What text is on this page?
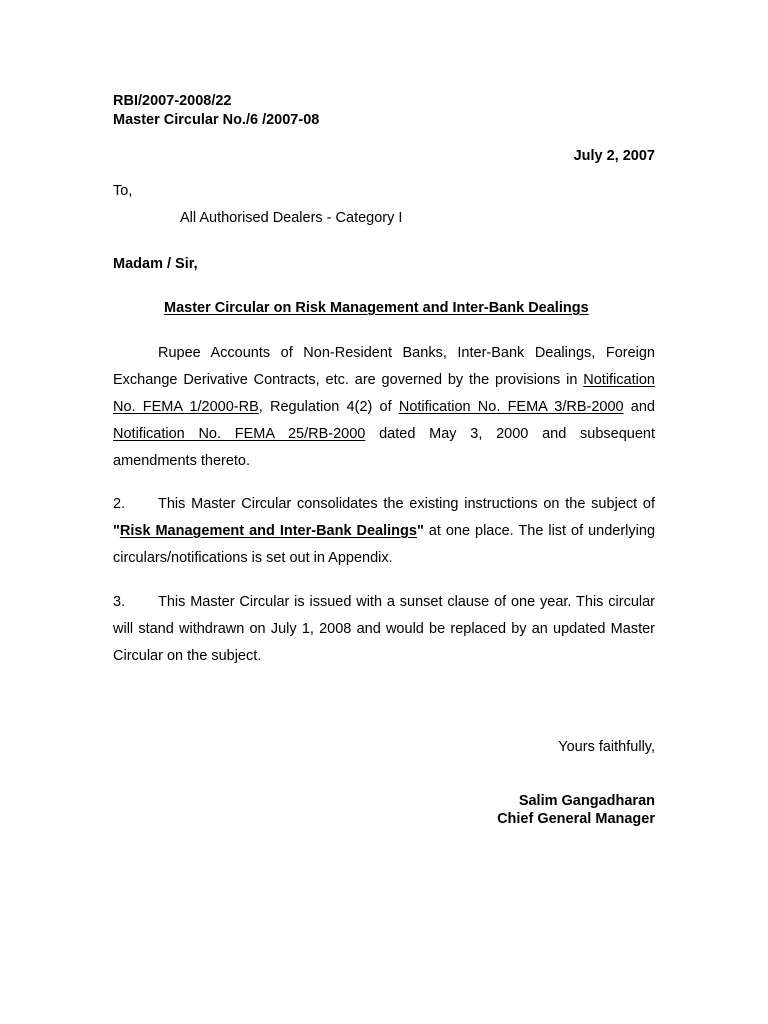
RBI/2007-2008/22
Master Circular No./6 /2007-08
July 2, 2007
To,
All Authorised Dealers - Category I
Madam / Sir,
Master Circular on Risk Management and Inter-Bank Dealings

Rupee Accounts of Non-Resident Banks, Inter-Bank Dealings, Foreign Exchange Derivative Contracts, etc. are governed by the provisions in Notification No. FEMA 1/2000-RB, Regulation 4(2) of Notification No. FEMA 3/RB-2000 and Notification No. FEMA 25/RB-2000 dated May 3, 2000 and subsequent amendments thereto.

2. This Master Circular consolidates the existing instructions on the subject of "Risk Management and Inter-Bank Dealings" at one place. The list of underlying circulars/notifications is set out in Appendix.

3. This Master Circular is issued with a sunset clause of one year. This circular will stand withdrawn on July 1, 2008 and would be replaced by an updated Master Circular on the subject.

Yours faithfully,
Salim Gangadharan
Chief General Manager
